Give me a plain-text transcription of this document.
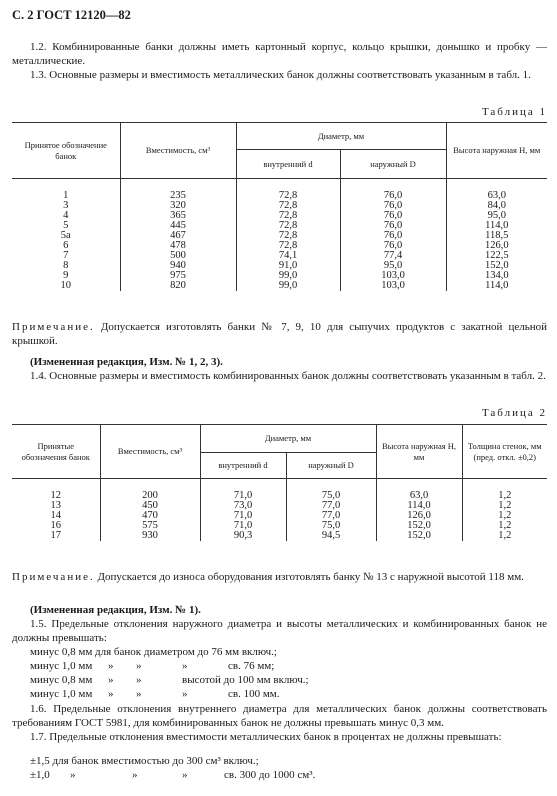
С. 2 ГОСТ 12120—82

1.2. Комбинированные банки должны иметь картонный корпус, кольцо крышки, донышко и пробку — металлические.

1.3. Основные размеры и вместимость металлических банок должны соответствовать указанным в табл. 1.

Таблица 1
Принятое обозначение банок	Вместимость, см³	Диаметр, мм		Высота наружная H, мм
		внутренний d	наружный D	
1	235	72,8	76,0	63,0
3	320	72,8	76,0	84,0
4	365	72,8	76,0	95,0
5	445	72,8	76,0	114,0
5а	467	72,8	76,0	118,5
6	478	72,8	76,0	126,0
7	500	74,1	77,4	122,5
8	940	91,0	95,0	152,0
9	975	99,0	103,0	134,0
10	820	99,0	103,0	114,0

Примечание. Допускается изготовлять банки № 7, 9, 10 для сыпучих продуктов с закатной цельной крышкой.

(Измененная редакция, Изм. № 1, 2, 3).

1.4. Основные размеры и вместимость комбинированных банок должны соответствовать указанным в табл. 2.

Таблица 2
Принятые обозначения банок	Вместимость, см³	Диаметр, мм		Высота наружная H, мм	Толщина стенок, мм (пред. откл. ±0,2)
		внутренний d	наружный D		
12	200	71,0	75,0	63,0	1,2
13	450	73,0	77,0	114,0	1,2
14	470	71,0	77,0	126,0	1,2
16	575	71,0	75,0	152,0	1,2
17	930	90,3	94,5	152,0	1,2

Примечание. Допускается до износа оборудования изготовлять банку № 13 с наружной высотой 118 мм.

(Измененная редакция, Изм. № 1).

1.5. Предельные отклонения наружного диаметра и высоты металлических и комбинированных банок не должны превышать:

минус 0,8 мм для банок диаметром до 76 мм включ.;

минус 1,0 мм » »	»	св. 76 мм;

минус 0,8 мм » »	высотой до 100 мм включ.;

минус 1,0 мм » »	»	св. 100 мм.

1.6. Предельные отклонения внутреннего диаметра для металлических банок должны соответствовать требованиям ГОСТ 5981, для комбинированных банок не должны превышать минус 0,3 мм.

1.7. Предельные отклонения вместимости металлических банок в процентах не должны превышать:

±1,5 для банок вместимостью до 300 см³ включ.;

±1,0 »	»	»	св. 300 до 1000 см³.
